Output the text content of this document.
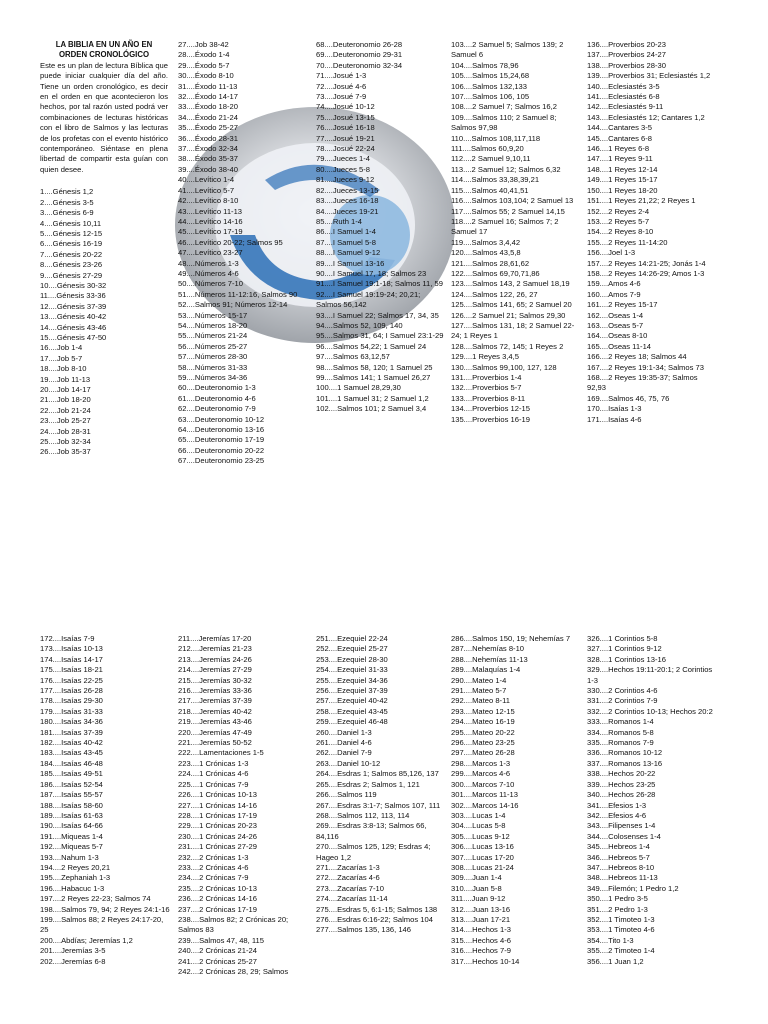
LA BIBLIA EN UN AÑO EN
ORDEN CRONOLÓGICO
Este es un plan de lectura Bíblica que puede iniciar cualquier día del año. Tiene un orden cronológico, es decir en el orden en que acontecieron los hechos, por tal razón usted podrá ver combinaciones de lecturas históricas con el libro de Salmos y las lecturas de los profetas con el evento histórico contemporáneo. Siéntase en plena libertad de compartir esta guían con quien desee.
1....Génesis 1,2
2....Génesis 3-5
3....Génesis 6-9
4....Génesis 10,11
5....Génesis 12-15
6....Génesis 16-19
7....Génesis 20-22
8....Génesis 23-26
9....Génesis 27-29
10....Génesis 30-32
11....Génesis 33-36
12....Génesis 37-39
13....Génesis 40-42
14....Génesis 43-46
15....Génesis 47-50
16....Job 1-4
17....Job 5-7
18....Job 8-10
19....Job 11-13
20....Job 14-17
21....Job 18-20
22....Job 21-24
23....Job 25-27
24....Job 28-31
25....Job 32-34
26....Job 35-37
27....Job 38-42
28....Éxodo 1-4
29....Éxodo 5-7
30....Éxodo 8-10
31....Éxodo 11-13
32....Éxodo 14-17
33....Éxodo 18-20
34....Éxodo 21-24
35....Éxodo 25-27
36....Éxodo 28-31
37....Éxodo 32-34
38....Éxodo 35-37
39....Éxodo 38-40
40....Levítico 1-4
41....Levítico 5-7
42....Levítico 8-10
43....Levítico 11-13
44....Levítico 14-16
45....Levítico 17-19
46....Levítico 20-22; Salmos 95
47....Levítico 23-27
48....Números 1-3
49....Números 4-6
50....Números 7-10
51....Números 11-12:16, Salmos 90
52....Salmos 91; Números 12-14
53....Números 15-17
54....Números 18-20
55....Números 21-24
56....Números 25-27
57....Números 28-30
58....Números 31-33
59....Números 34-36
60....Deuteronomio 1-3
61....Deuteronomio 4-6
62....Deuteronomio 7-9
63....Deuteronomio 10-12
64....Deuteronomio 13-16
65....Deuteronomio 17-19
66....Deuteronomio 20-22
67....Deuteronomio 23-25
68....Deuteronomio 26-28
69....Deuteronomio 29-31
70....Deuteronomio 32-34
71....Josué 1-3
72....Josué 4-6
73....Josué 7-9
74....Josué 10-12
75....Josué 13-15
76....Josué 16-18
77....Josué 19-21
78....Josué 22-24
79....Jueces 1-4
80....Jueces 5-8
81....Jueces 9-12
82....Jueces 13-15
83....Jueces 16-18
84....Jueces 19-21
85....Ruth 1-4
86....I Samuel 1-4
87....I Samuel 5-8
88....I Samuel 9-12
89....I Samuel 13-16
90....I Samuel 17, 18; Salmos 23
91....I Samuel 19:1-18; Salmos 11, 59
92....I Samuel 19:19-24; 20,21; Salmos 56,142
93....I Samuel 22; Salmos 17, 34, 35
94....Salmos 52, 109, 140
95....Salmos 31, 64; I Samuel 23:1-29
96....Salmos 54,22; 1 Samuel 24
97....Salmos 63,12,57
98....Salmos 58, 120; 1 Samuel 25
99....Salmos 141; 1 Samuel 26,27
100....1 Samuel 28,29,30
101....1 Samuel 31; 2 Samuel 1,2
102....Salmos 101; 2 Samuel 3,4
103....2 Samuel 5; Salmos 139; 2 Samuel 6
104....Salmos 78,96
105....Salmos 15,24,68
106....Salmos 132,133
107....Salmos 106, 105
108....2 Samuel 7; Salmos 16,2
109....Salmos 110; 2 Samuel 8; Salmos 97,98
110....Salmos 108,117,118
111....Salmos 60,9,20
112....2 Samuel 9,10,11
113....2 Samuel 12; Salmos 6,32
114....Salmos 33,38,39,21
115....Salmos 40,41,51
116....Salmos 103,104; 2 Samuel 13
117....Salmos 55; 2 Samuel 14,15
118....2 Samuel 16; Salmos 7; 2 Samuel 17
119....Salmos 3,4,42
120....Salmos 43,5,8
121....Salmos 28,61,62
122....Salmos 69,70,71,86
123....Salmos 143, 2 Samuel 18,19
124....Salmos 122, 26, 27
125....Salmos 141, 65; 2 Samuel 20
126....2 Samuel 21; Salmos 29,30
127....Salmos 131, 18; 2 Samuel 22-24; 1 Reyes 1
128....Salmos 72, 145; 1 Reyes 2
129....1 Reyes 3,4,5
130....Salmos 99,100, 127, 128
131....Proverbios 1-4
132....Proverbios 5-7
133....Proverbios 8-11
134....Proverbios 12-15
135....Proverbios 16-19
136....Proverbios 20-23
137....Proverbios 24-27
138....Proverbios 28-30
139....Proverbios 31; Eclesiastés 1,2
140....Eclesiastés 3-5
141....Eclesiastés 6-8
142....Eclesiastés 9-11
143....Eclesiastés 12; Cantares 1,2
144....Cantares 3-5
145....Cantares 6-8
146....1 Reyes 6-8
147....1 Reyes 9-11
148....1 Reyes 12-14
149....1 Reyes 15-17
150....1 Reyes 18-20
151....1 Reyes 21,22; 2 Reyes 1
152....2 Reyes 2-4
153....2 Reyes 5-7
154....2 Reyes 8-10
155....2 Reyes 11-14:20
156....Joel 1-3
157....2 Reyes 14:21-25; Jonás 1-4
158....2 Reyes 14:26-29; Amos 1-3
159....Amos 4-6
160....Amos 7-9
161....2 Reyes 15-17
162....Oseas 1-4
163....Oseas 5-7
164....Oseas 8-10
165....Oseas 11-14
166....2 Reyes 18; Salmos 44
167....2 Reyes 19:1-34; Salmos 73
168....2 Reyes 19:35-37; Salmos 92,93
169....Salmos 46, 75, 76
170....Isaías 1-3
171....Isaías 4-6
172....Isaías 7-9
173....Isaías 10-13
174....Isaías 14-17
175....Isaías 18-21
176....Isaías 22-25
177....Isaías 26-28
178....Isaías 29-30
179....Isaías 31-33
180....Isaías 34-36
181....Isaías 37-39
182....Isaías 40-42
183....Isaías 43-45
184....Isaías 46-48
185....Isaías 49-51
186....Isaías 52-54
187....Isaías 55-57
188....Isaías 58-60
189....Isaías 61-63
190....Isaías 64-66
191....Miqueas 1-4
192....Miqueas 5-7
193....Nahum 1-3
194....2 Reyes 20,21
195....Zephaniah 1-3
196....Habacuc 1-3
197....2 Reyes 22-23; Salmos 74
198....Salmos 79, 94; 2 Reyes 24:1-16
199....Salmos 88; 2 Reyes 24:17-20, 25
200....Abdías; Jeremías 1,2
201....Jeremías 3-5
202....Jeremías 6-8
211....Jeremías 17-20
212....Jeremías 21-23
213....Jeremías 24-26
214....Jeremías 27-29
215....Jeremías 30-32
216....Jeremías 33-36
217....Jeremías 37-39
218....Jeremías 40-42
219....Jeremías 43-46
220....Jeremías 47-49
221....Jeremías 50-52
222....Lamentaciones 1-5
223....1 Crónicas 1-3
224....1 Crónicas 4-6
225....1 Crónicas 7-9
226....1 Crónicas 10-13
227....1 Crónicas 14-16
228....1 Crónicas 17-19
229....1 Crónicas 20-23
230....1 Crónicas 24-26
231....1 Crónicas 27-29
232....2 Crónicas 1-3
233....2 Crónicas 4-6
234....2 Crónicas 7-9
235....2 Crónicas 10-13
236....2 Crónicas 14-16
237....2 Crónicas 17-19
238....Salmos 82; 2 Crónicas 20; Salmos 83
239....Salmos 47, 48, 115
240....2 Crónicas 21-24
241....2 Crónicas 25-27
242....2 Crónicas 28, 29; Salmos
251....Ezequiel 22-24
252....Ezequiel 25-27
253....Ezequiel 28-30
254....Ezequiel 31-33
255....Ezequiel 34-36
256....Ezequiel 37-39
257....Ezequiel 40-42
258....Ezequiel 43-45
259....Ezequiel 46-48
260....Daniel 1-3
261....Daniel 4-6
262....Daniel 7-9
263....Daniel 10-12
264....Esdras 1; Salmos 85,126, 137
265....Esdras 2; Salmos 1, 121
266....Salmos 119
267....Esdras 3:1-7; Salmos 107, 111
268....Salmos 112, 113, 114
269....Esdras 3:8-13; Salmos 66, 84,116
270....Salmos 125, 129; Esdras 4; Hageo 1,2
271....Zacarías 1-3
272....Zacarías 4-6
273....Zacarías 7-10
274....Zacarías 11-14
275....Esdras 5, 6:1-15; Salmos 138
276....Esdras 6:16-22; Salmos 104
277....Salmos 135, 136, 146
286....Salmos 150, 19; Nehemías 7
287....Nehemías 8-10
288....Nehemías 11-13
289....Malaquías 1-4
290....Mateo 1-4
291....Mateo 5-7
292....Mateo 8-11
293....Mateo 12-15
294....Mateo 16-19
295....Mateo 20-22
296....Mateo 23-25
297....Mateo 26-28
298....Marcos 1-3
299....Marcos 4-6
300....Marcos 7-10
301....Marcos 11-13
302....Marcos 14-16
303....Lucas 1-4
304....Lucas 5-8
305....Lucas 9-12
306....Lucas 13-16
307....Lucas 17-20
308....Lucas 21-24
309....Juan 1-4
310....Juan 5-8
311....Juan 9-12
312....Juan 13-16
313....Juan 17-21
314....Hechos 1-3
315....Hechos 4-6
316....Hechos 7-9
317....Hechos 10-14
326....1 Corintios 5-8
327....1 Corintios 9-12
328....1 Corintios 13-16
329....Hechos 19:11-20:1; 2 Corintios 1-3
330....2 Corintios 4-6
331....2 Corintios 7-9
332....2 Corintios 10-13; Hechos 20:2
333....Romanos 1-4
334....Romanos 5-8
335....Romanos 7-9
336....Romanos 10-12
337....Romanos 13-16
338....Hechos 20-22
339....Hechos 23-25
340....Hechos 26-28
341....Efesios 1-3
342....Efesios 4-6
343....Filipenses 1-4
344....Colosenses 1-4
345....Hebreos 1-4
346....Hebreos 5-7
347....Hebreos 8-10
348....Hebreos 11-13
349....Filemón; 1 Pedro 1,2
350....1 Pedro 3-5
351....2 Pedro 1-3
352....1 Timoteo 1-3
353....1 Timoteo 4-6
354....Tito 1-3
355....2 Timoteo 1-4
356....1 Juan 1,2
